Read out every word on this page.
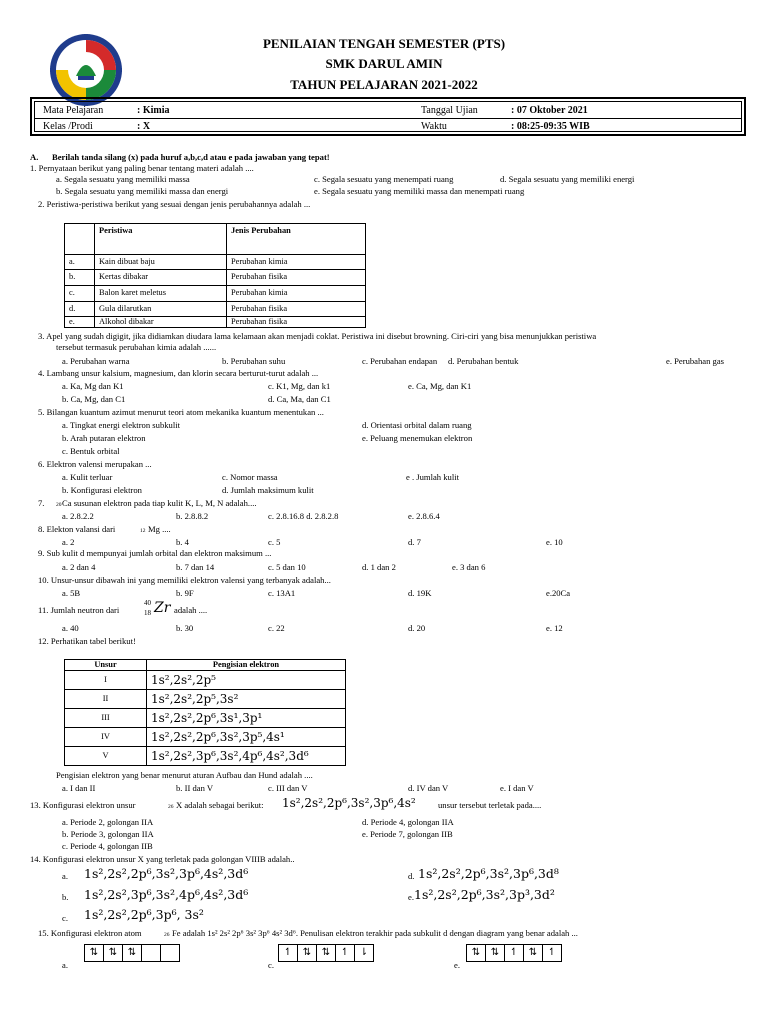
PENILAIAN TENGAH SEMESTER (PTS)
SMK DARUL AMIN
TAHUN PELAJARAN 2021-2022
Mata Pelajaran	: Kimia	Tanggal Ujian	: 07 Oktober 2021
Kelas /Prodi	: X	Waktu	: 08:25-09:35 WIB
A. Berilah tanda silang (x) pada huruf a,b,c,d atau e pada jawaban yang tepat!
1. Pernyataan berikut yang paling benar tentang materi adalah ....
a. Segala sesuatu yang memiliki massa	c. Segala sesuatu yang menempati ruang	d. Segala sesuatu yang memiliki energi
b. Segala sesuatu yang memiliki massa dan energi	e. Segala sesuatu yang memiliki massa dan menempati ruang
2. Peristiwa-peristiwa berikut yang sesuai dengan jenis perubahannya adalah ...
	Peristiwa	Jenis Perubahan
a.	Kain dibuat baju	Perubahan kimia
b.	Kertas dibakar	Perubahan fisika
c.	Balon karet meletus	Perubahan kimia
d.	Gula dilarutkan	Perubahan fisika
e.	Alkohol dibakar	Perubahan fisika
3. Apel yang sudah digigit, jika didiamkan diudara lama kelamaan akan menjadi coklat. Peristiwa ini disebut browning. Ciri-ciri yang bisa menunjukkan peristiwa
tersebut termasuk perubahan kimia adalah ......
a. Perubahan warna	b. Perubahan suhu	c. Perubahan endapan d. Perubahan bentuk	e. Perubahan gas
4. Lambang unsur kalsium, magnesium, dan klorin secara berturut-turut adalah ...
a. Ka, Mg dan K1	c. K1, Mg, dan k1	e. Ca, Mg, dan K1
b. Ca, Mg, dan C1	d. Ca, Ma, dan C1
5. Bilangan kuantum azimut menurut teori atom mekanika kuantum menentukan ...
a. Tingkat energi elektron subkulit	d. Orientasi orbital dalam ruang
b. Arah putaran elektron	e. Peluang menemukan elektron
c. Bentuk orbital
6. Elektron valensi merupakan ...
a. Kulit terluar	c. Nomor massa	e . Jumlah kulit
b. Konfigurasi elektron	d. Jumlah maksimum kulit
7. 20 Ca susunan elektron pada tiap kulit K, L, M, N adalah....
a. 2.8.2.2	b. 2.8.8.2	c. 2.8.16.8 d. 2.8.2.8	e. 2.8.6.4
8. Elekton valansi dari	12 Mg ....
a. 2	b. 4	c. 5	d. 7	e. 10
9. Sub kulit d mempunyai jumlah orbital dan elektron maksimum ...
a. 2 dan 4	b. 7 dan 14	c. 5 dan 10	d. 1 dan 2	e. 3 dan 6
10. Unsur-unsur dibawah ini yang memiliki elektron valensi yang terbanyak adalah...
a. 5B	b. 9F	c. 13A1	d. 19K	e.20Ca
11. Jumlah neutron dari
40
18 Zr adalah ....
a. 40	b. 30	c. 22	d. 20	e. 12
12. Perhatikan tabel berikut!
Unsur	Pengisian elektron
I	1s²,2s²,2p⁵
II	1s²,2s²,2p⁵,3s²
III	1s²,2s²,2p⁶,3s¹,3p¹
IV	1s²,2s²,2p⁶,3s²,3p⁵,4s¹
V	1s²,2s²,3p⁶,3s²,4p⁶,4s²,3d⁶
Pengisian elektron yang benar menurut aturan Aufbau dan Hund adalah ....
a. I dan II	b. II dan V	c. III dan V	d. IV dan V	e. I dan V
13. Konfigurasi elektron unsur	26 X adalah sebagai berikut: 1s²,2s²,2p⁶,3s²,3p⁶,4s²	unsur tersebut terletak pada....
a. Periode 2, golongan IIA	d. Periode 4, golongan IIA
b. Periode 3, golongan IIA	e. Periode 7, golongan IIB
c. Periode 4, golongan IIB
14. Konfigurasi elektron unsur X yang terletak pada golongan VIIIB adalah..
a. 1s²,2s²,2p⁶,3s²,3p⁶,4s²,3d⁶	d. 1s²,2s²,2p⁶,3s²,3p⁶,3d⁸
b. 1s²,2s²,3p⁶,3s²,4p⁶,4s²,3d⁶	e. 1s²,2s²,2p⁶,3s²,3p³,3d²
c. 1s²,2s²,2p⁶,3p⁶, 3s²
15. Konfigurasi elektron atom	26 Fe adalah 1s² 2s² 2p⁶ 3s² 3p⁶ 4s² 3d⁶. Penulisan elektron terakhir pada subkulit d dengan diagram yang benar adalah ...
a.
⇅	⇅	⇅
c.
↿	⇅	⇅	↿	⇂
e.
⇅	⇅	↿	⇅	↿
